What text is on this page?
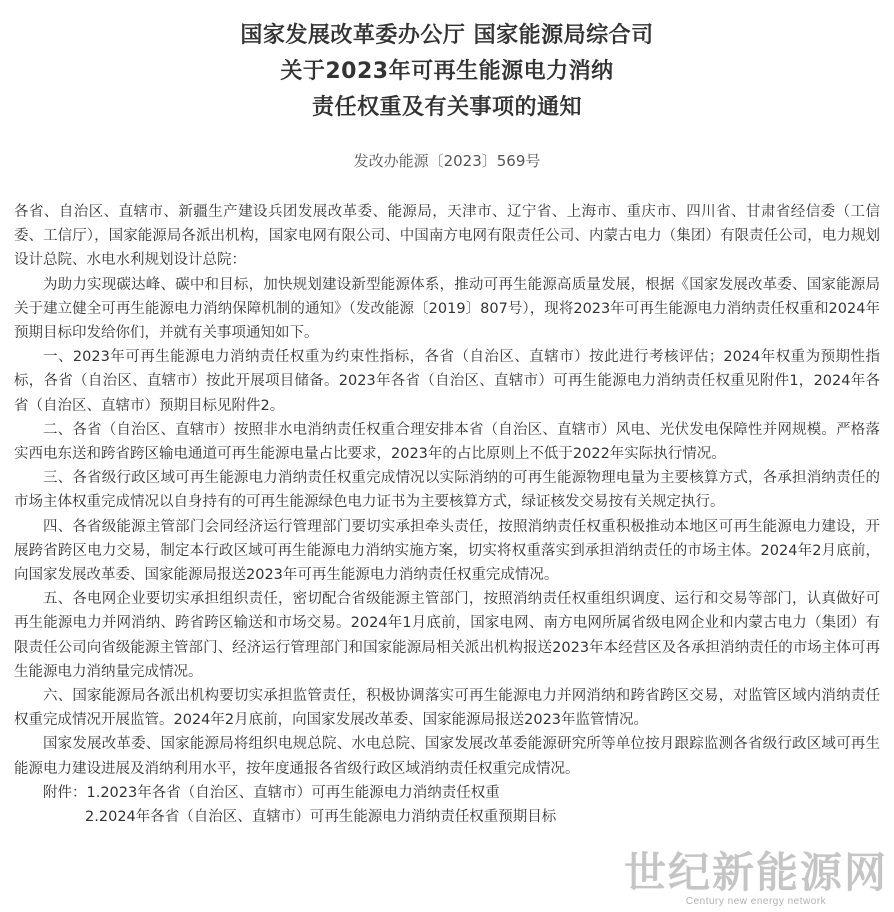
国家发展改革委办公厅 国家能源局综合司
关于2023年可再生能源电力消纳
责任权重及有关事项的通知
发改办能源〔2023〕569号

各省、自治区、直辖市、新疆生产建设兵团发展改革委、能源局，天津市、辽宁省、上海市、重庆市、四川省、甘肃省经信委（工信委、工信厅），国家能源局各派出机构，国家电网有限公司、中国南方电网有限责任公司、内蒙古电力（集团）有限责任公司，电力规划设计总院、水电水利规划设计总院：

为助力实现碳达峰、碳中和目标，加快规划建设新型能源体系，推动可再生能源高质量发展，根据《国家发展改革委、国家能源局关于建立健全可再生能源电力消纳保障机制的通知》（发改能源〔2019〕807号），现将2023年可再生能源电力消纳责任权重和2024年预期目标印发给你们，并就有关事项通知如下。

一、2023年可再生能源电力消纳责任权重为约束性指标，各省（自治区、直辖市）按此进行考核评估；2024年权重为预期性指标，各省（自治区、直辖市）按此开展项目储备。2023年各省（自治区、直辖市）可再生能源电力消纳责任权重见附件1，2024年各省（自治区、直辖市）预期目标见附件2。

二、各省（自治区、直辖市）按照非水电消纳责任权重合理安排本省（自治区、直辖市）风电、光伏发电保障性并网规模。严格落实西电东送和跨省跨区输电通道可再生能源电量占比要求，2023年的占比原则上不低于2022年实际执行情况。

三、各省级行政区域可再生能源电力消纳责任权重完成情况以实际消纳的可再生能源物理电量为主要核算方式，各承担消纳责任的市场主体权重完成情况以自身持有的可再生能源绿色电力证书为主要核算方式，绿证核发交易按有关规定执行。

四、各省级能源主管部门会同经济运行管理部门要切实承担牵头责任，按照消纳责任权重积极推动本地区可再生能源电力建设，开展跨省跨区电力交易，制定本行政区域可再生能源电力消纳实施方案，切实将权重落实到承担消纳责任的市场主体。2024年2月底前，向国家发展改革委、国家能源局报送2023年可再生能源电力消纳责任权重完成情况。

五、各电网企业要切实承担组织责任，密切配合省级能源主管部门，按照消纳责任权重组织调度、运行和交易等部门，认真做好可再生能源电力并网消纳、跨省跨区输送和市场交易。2024年1月底前，国家电网、南方电网所属省级电网企业和内蒙古电力（集团）有限责任公司向省级能源主管部门、经济运行管理部门和国家能源局相关派出机构报送2023年本经营区及各承担消纳责任的市场主体可再生能源电力消纳量完成情况。

六、国家能源局各派出机构要切实承担监管责任，积极协调落实可再生能源电力并网消纳和跨省跨区交易，对监管区域内消纳责任权重完成情况开展监管。2024年2月底前，向国家发展改革委、国家能源局报送2023年监管情况。

国家发展改革委、国家能源局将组织电规总院、水电总院、国家发展改革委能源研究所等单位按月跟踪监测各省级行政区域可再生能源电力建设进展及消纳利用水平，按年度通报各省级行政区域消纳责任权重完成情况。

附件： 1.2023年各省（自治区、直辖市）可再生能源电力消纳责任权重
2.2024年各省（自治区、直辖市）可再生能源电力消纳责任权重预期目标
世纪新能源网
Century new energy network
